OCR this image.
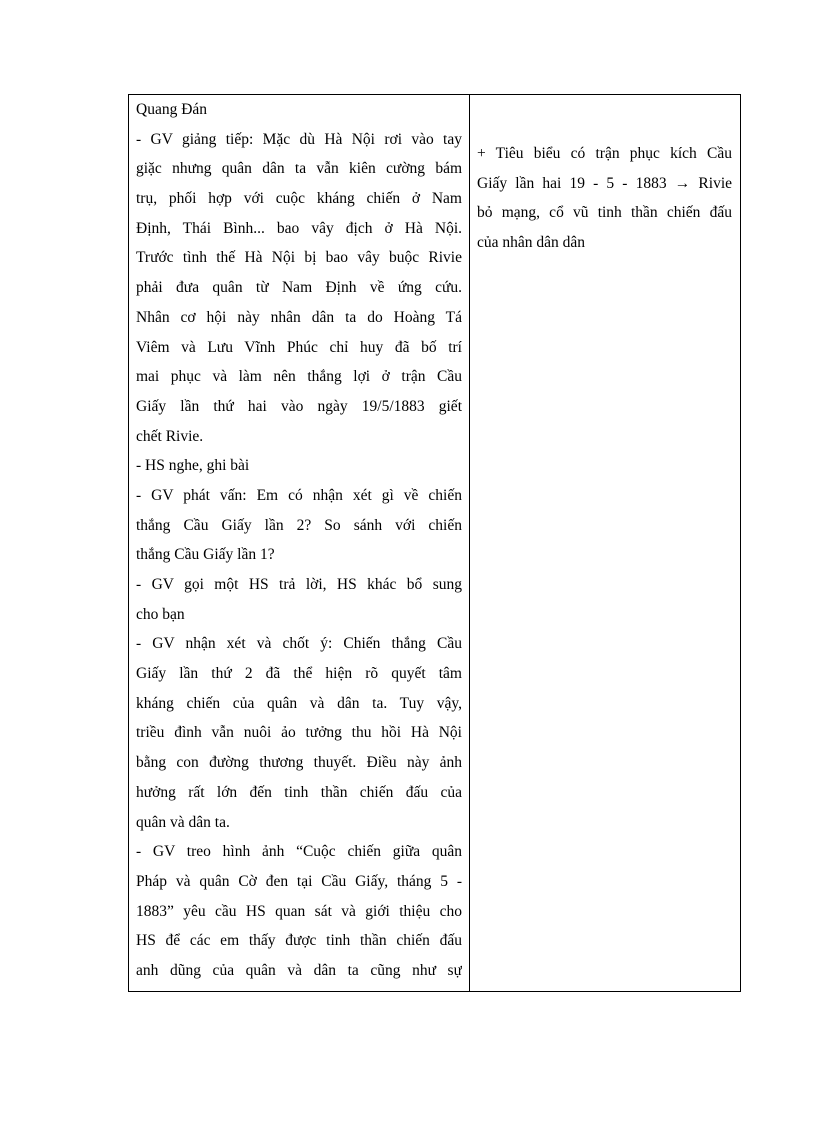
Quang Đán
- GV giảng tiếp: Mặc dù Hà Nội rơi vào tay
giặc nhưng quân dân ta vẫn kiên cường bám
trụ, phối hợp với cuộc kháng chiến ở Nam
Định, Thái Bình... bao vây địch ở Hà Nội.
Trước tình thế Hà Nội bị bao vây buộc Rivie
phải đưa quân từ Nam Định về ứng cứu.
Nhân cơ hội này nhân dân ta do Hoàng Tá
Viêm và Lưu Vĩnh Phúc chỉ huy đã bố trí
mai phục và làm nên thắng lợi ở trận Cầu
Giấy lần thứ hai vào ngày 19/5/1883 giết
chết Rivie.
- HS nghe, ghi bài
- GV phát vấn: Em có nhận xét gì về chiến
thắng Cầu Giấy lần 2? So sánh với chiến
thắng Cầu Giấy lần 1?
- GV gọi một HS trả lời, HS khác bổ sung
cho bạn
- GV nhận xét và chốt ý: Chiến thắng Cầu
Giấy lần thứ 2 đã thể hiện rõ quyết tâm
kháng chiến của quân và dân ta. Tuy vậy,
triều đình vẫn nuôi ảo tưởng thu hồi Hà Nội
bằng con đường thương thuyết. Điều này ảnh
hưởng rất lớn đến tinh thần chiến đấu của
quân và dân ta.
- GV treo hình ảnh “Cuộc chiến giữa quân
Pháp và quân Cờ đen tại Cầu Giấy, tháng 5 -
1883” yêu cầu HS quan sát và giới thiệu cho
HS để các em thấy được tinh thần chiến đấu
anh dũng của quân và dân ta cũng như sự
+ Tiêu biểu có trận phục kích Cầu
Giấy lần hai 19 - 5 - 1883 → Rivie
bỏ mạng, cổ vũ tinh thần chiến đấu
của nhân dân dân
